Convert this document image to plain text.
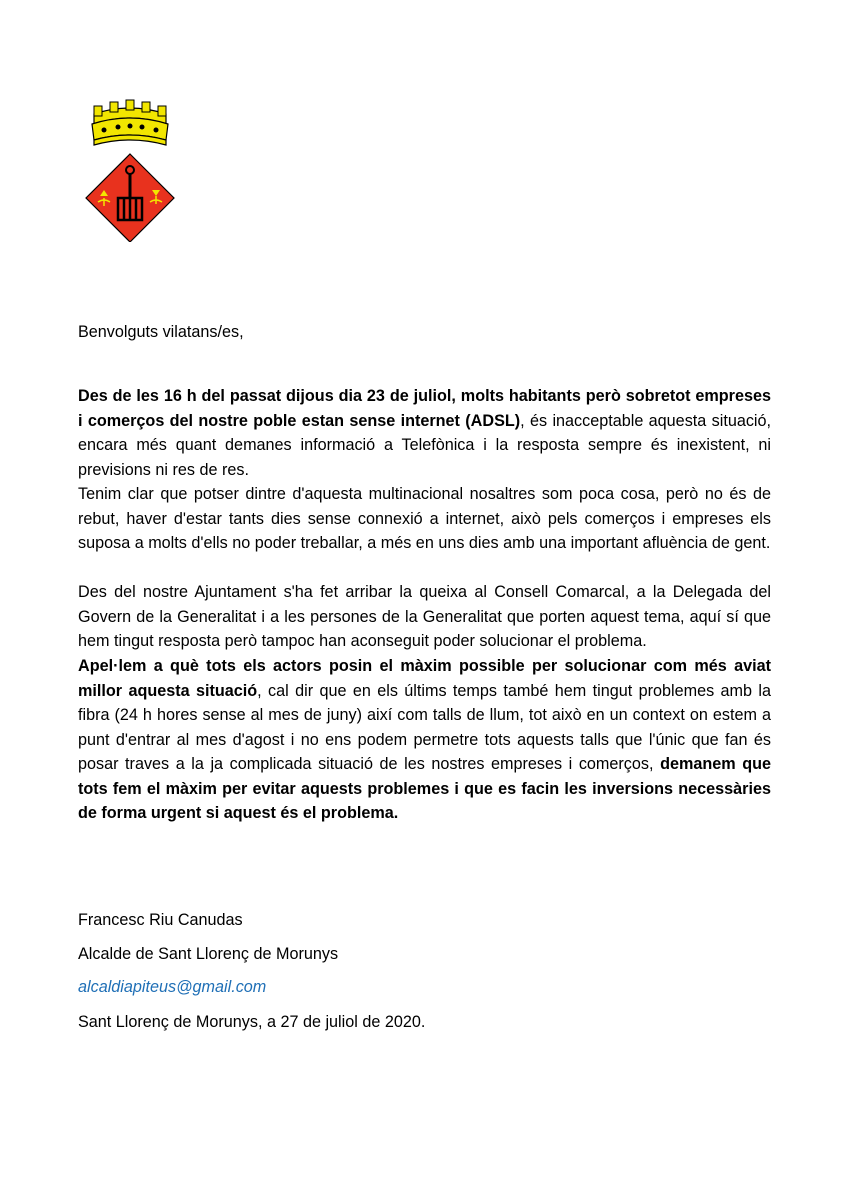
Benvolguts vilatans/es,

Des de les 16 h del passat dijous dia 23 de juliol, molts habitants però sobretot empreses i comerços del nostre poble estan sense internet (ADSL), és inacceptable aquesta situació, encara més quant demanes informació a Telefònica i la resposta sempre és inexistent, ni previsions ni res de res.

Tenim clar que potser dintre d'aquesta multinacional nosaltres som poca cosa, però no és de rebut, haver d'estar tants dies sense connexió a internet, això pels comerços i empreses els suposa a molts d'ells no poder treballar, a més en uns dies amb una important afluència de gent.

Des del nostre Ajuntament s'ha fet arribar la queixa al Consell Comarcal, a la Delegada del Govern de la Generalitat i a les persones de la Generalitat que porten aquest tema, aquí sí que hem tingut resposta però tampoc han aconseguit poder solucionar el problema.

Apel·lem a què tots els actors posin el màxim possible per solucionar com més aviat millor aquesta situació, cal dir que en els últims temps també hem tingut problemes amb la fibra (24 h hores sense al mes de juny) així com talls de llum, tot això en un context on estem a punt d'entrar al mes d'agost i no ens podem permetre tots aquests talls que l'únic que fan és posar traves a la ja complicada situació de les nostres empreses i comerços, demanem que tots fem el màxim per evitar aquests problemes i que es facin les inversions necessàries de forma urgent si aquest és el problema.

Francesc Riu Canudas
Alcalde de Sant Llorenç de Morunys
alcaldiapiteus@gmail.com
Sant Llorenç de Morunys, a 27 de juliol de 2020.
